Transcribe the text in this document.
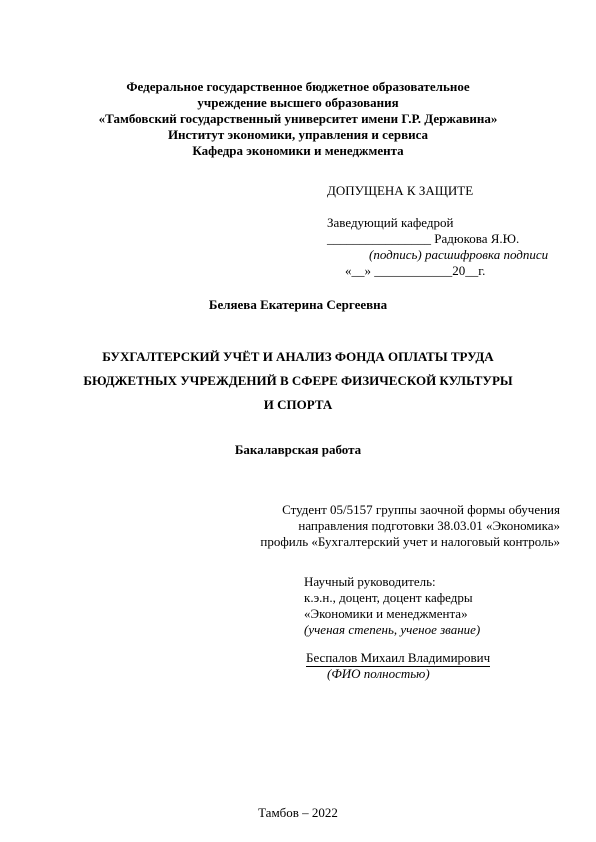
Федеральное государственное бюджетное образовательное
учреждение высшего образования
«Тамбовский государственный университет имени Г.Р. Державина»
Институт экономики, управления и сервиса
Кафедра экономики и менеджмента
ДОПУЩЕНА К ЗАЩИТЕ
Заведующий кафедрой
________________ Радюкова Я.Ю.
(подпись) расшифровка подписи
«__» ____________20__г.
Беляева Екатерина Сергеевна
БУХГАЛТЕРСКИЙ УЧЁТ И АНАЛИЗ ФОНДА ОПЛАТЫ ТРУДА
БЮДЖЕТНЫХ УЧРЕЖДЕНИЙ В СФЕРЕ ФИЗИЧЕСКОЙ КУЛЬТУРЫ
И СПОРТА
Бакалаврская работа
Студент 05/5157 группы заочной формы обучения
направления подготовки 38.03.01 «Экономика»
профиль «Бухгалтерский учет и налоговый контроль»
Научный руководитель:
к.э.н., доцент, доцент кафедры
«Экономики и менеджмента»
(ученая степень, ученое звание)
Беспалов Михаил Владимирович
(ФИО полностью)
Тамбов – 2022
